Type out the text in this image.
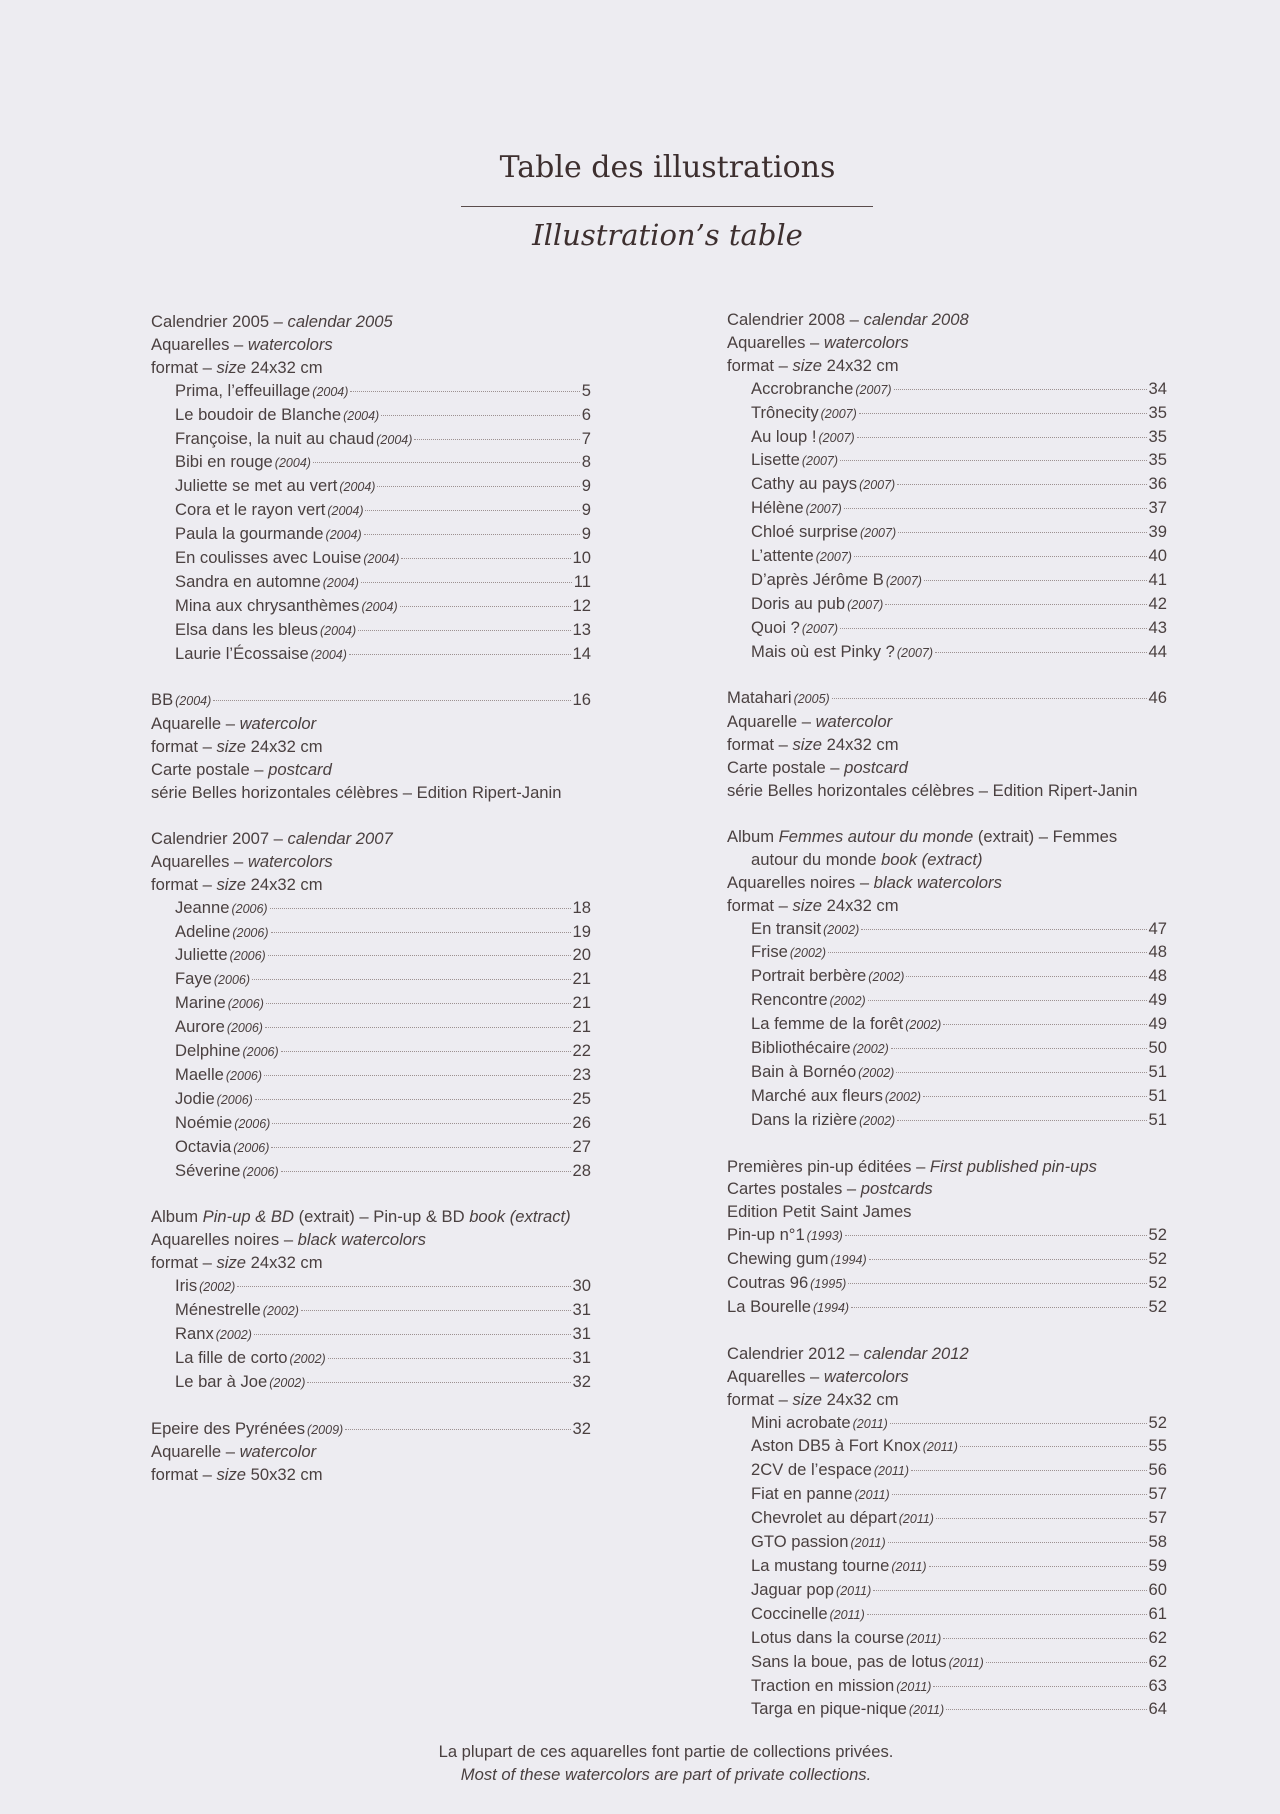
Table des illustrations
Illustration’s table
Calendrier 2005 – calendar 2005
Aquarelles – watercolors
format – size 24x32 cm
Prima, l’effeuillage (2004)	5
Le boudoir de Blanche (2004)	6
Françoise, la nuit au chaud (2004)	7
Bibi en rouge (2004)	8
Juliette se met au vert (2004)	9
Cora et le rayon vert (2004)	9
Paula la gourmande (2004)	9
En coulisses avec Louise (2004)	10
Sandra en automne (2004)	11
Mina aux chrysanthèmes (2004)	12
Elsa dans les bleus (2004)	13
Laurie l’Écossaise (2004)	14
BB (2004)	16
Aquarelle – watercolor
format – size 24x32 cm
Carte postale – postcard
série Belles horizontales célèbres – Edition Ripert-Janin
Calendrier 2007 – calendar 2007
Aquarelles – watercolors
format – size 24x32 cm
Jeanne (2006)	18
Adeline (2006)	19
Juliette (2006)	20
Faye (2006)	21
Marine (2006)	21
Aurore (2006)	21
Delphine (2006)	22
Maelle (2006)	23
Jodie (2006)	25
Noémie (2006)	26
Octavia (2006)	27
Séverine (2006)	28
Album Pin-up & BD (extrait) – Pin-up & BD book (extract)
Aquarelles noires – black watercolors
format – size 24x32 cm
Iris (2002)	30
Ménestrelle (2002)	31
Ranx (2002)	31
La fille de corto (2002)	31
Le bar à Joe (2002)	32
Epeire des Pyrénées (2009)	32
Aquarelle – watercolor
format – size 50x32 cm
Calendrier 2008 – calendar 2008
Aquarelles – watercolors
format – size 24x32 cm
Accrobranche (2007)	34
Trônecity (2007)	35
Au loup ! (2007)	35
Lisette (2007)	35
Cathy au pays (2007)	36
Hélène (2007)	37
Chloé surprise (2007)	39
L’attente (2007)	40
D’après Jérôme B (2007)	41
Doris au pub (2007)	42
Quoi ? (2007)	43
Mais où est Pinky ? (2007)	44
Matahari (2005)	46
Aquarelle – watercolor
format – size 24x32 cm
Carte postale – postcard
série Belles horizontales célèbres – Edition Ripert-Janin
Album Femmes autour du monde (extrait) – Femmes
autour du monde book (extract)
Aquarelles noires – black watercolors
format – size 24x32 cm
En transit (2002)	47
Frise (2002)	48
Portrait berbère (2002)	48
Rencontre (2002)	49
La femme de la forêt (2002)	49
Bibliothécaire (2002)	50
Bain à Bornéo (2002)	51
Marché aux fleurs (2002)	51
Dans la rizière (2002)	51
Premières pin-up éditées – First published pin-ups
Cartes postales – postcards
Edition Petit Saint James
Pin-up n°1 (1993)	52
Chewing gum (1994)	52
Coutras 96 (1995)	52
La Bourelle (1994)	52
Calendrier 2012 – calendar 2012
Aquarelles – watercolors
format – size 24x32 cm
Mini acrobate (2011)	52
Aston DB5 à Fort Knox (2011)	55
2CV de l’espace (2011)	56
Fiat en panne (2011)	57
Chevrolet au départ (2011)	57
GTO passion (2011)	58
La mustang tourne (2011)	59
Jaguar pop (2011)	60
Coccinelle (2011)	61
Lotus dans la course (2011)	62
Sans la boue, pas de lotus (2011)	62
Traction en mission (2011)	63
Targa en pique-nique (2011)	64
La plupart de ces aquarelles font partie de collections privées.
Most of these watercolors are part of private collections.
